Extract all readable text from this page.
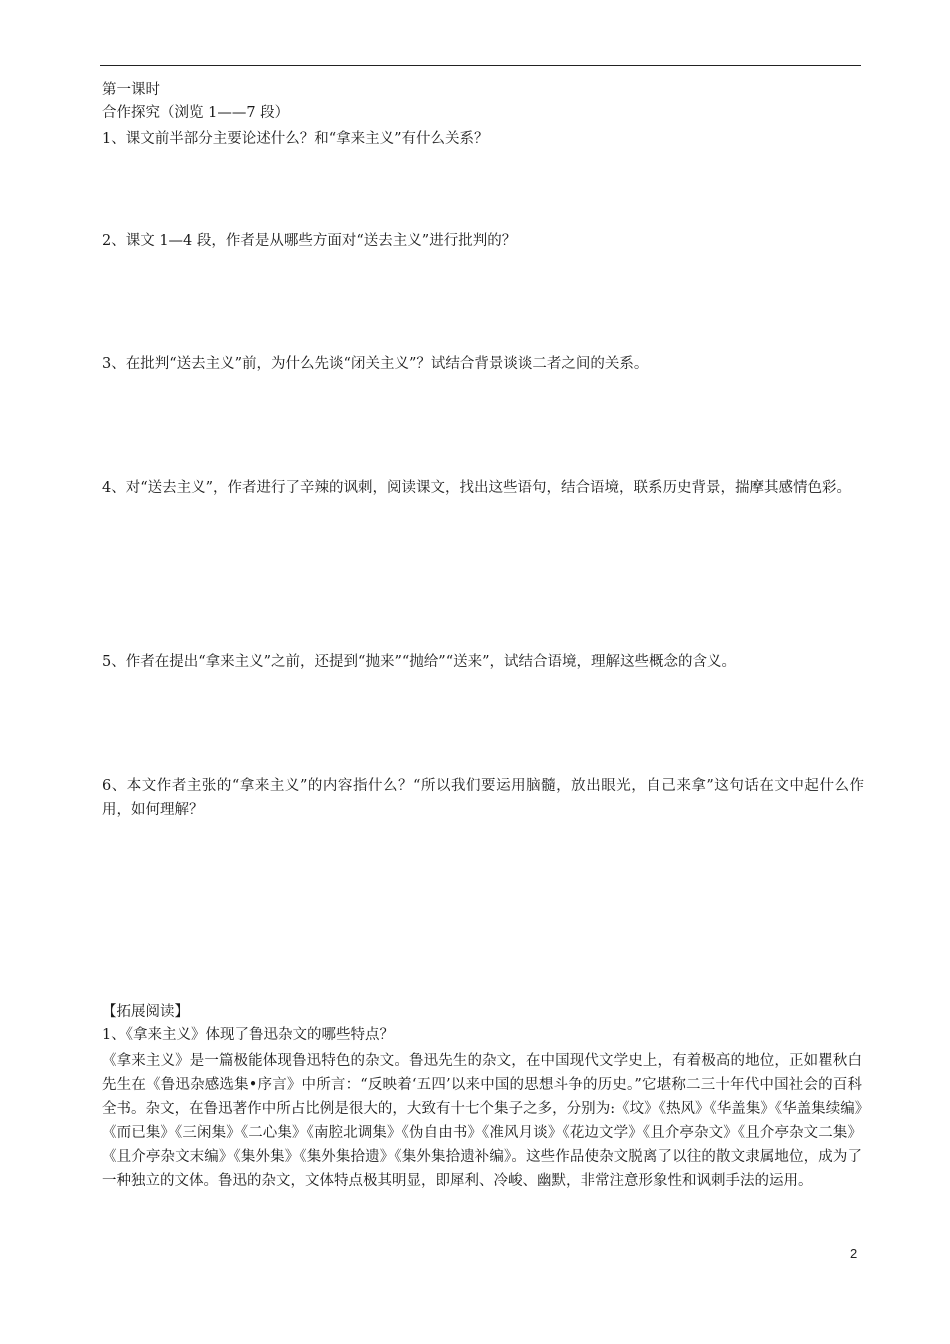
第一课时

合作探究（浏览 1——7 段）

1、课文前半部分主要论述什么？和“拿来主义”有什么关系？

2、课文 1—4 段，作者是从哪些方面对“送去主义”进行批判的？

3、在批判“送去主义”前，为什么先谈“闭关主义”？试结合背景谈谈二者之间的关系。

4、对“送去主义”，作者进行了辛辣的讽刺，阅读课文，找出这些语句，结合语境，联系历史背景，揣摩其感情色彩。

5、作者在提出“拿来主义”之前，还提到“抛来”“抛给”“送来”，试结合语境，理解这些概念的含义。

6、本文作者主张的“拿来主义”的内容指什么？“所以我们要运用脑髓，放出眼光，自己来拿”这句话在文中起什么作用，如何理解？

【拓展阅读】

1、《拿来主义》体现了鲁迅杂文的哪些特点？

《拿来主义》是一篇极能体现鲁迅特色的杂文。鲁迅先生的杂文，在中国现代文学史上，有着极高的地位，正如瞿秋白先生在《鲁迅杂感选集•序言》中所言：“反映着‘五四’以来中国的思想斗争的历史。”它堪称二三十年代中国社会的百科全书。杂文，在鲁迅著作中所占比例是很大的，大致有十七个集子之多，分别为:《坟》《热风》《华盖集》《华盖集续编》《而已集》《三闲集》《二心集》《南腔北调集》《伪自由书》《准风月谈》《花边文学》《且介亭杂文》《且介亭杂文二集》《且介亭杂文末编》《集外集》《集外集拾遗》《集外集拾遗补编》。这些作品使杂文脱离了以往的散文隶属地位，成为了一种独立的文体。鲁迅的杂文，文体特点极其明显，即犀利、冷峻、幽默，非常注意形象性和讽刺手法的运用。

2
